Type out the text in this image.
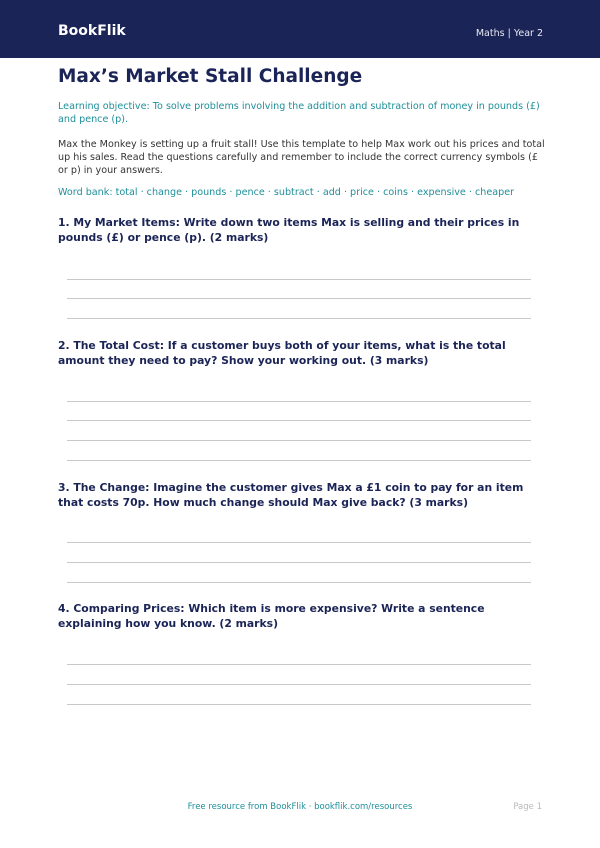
BookFlik	Maths | Year 2
Max’s Market Stall Challenge
Learning objective: To solve problems involving the addition and subtraction of money in pounds (£) and pence (p).
Max the Monkey is setting up a fruit stall! Use this template to help Max work out his prices and total up his sales. Read the questions carefully and remember to include the correct currency symbols (£ or p) in your answers.
Word bank: total · change · pounds · pence · subtract · add · price · coins · expensive · cheaper

1. My Market Items: Write down two items Max is selling and their prices in pounds (£) or pence (p). (2 marks)

2. The Total Cost: If a customer buys both of your items, what is the total amount they need to pay? Show your working out. (3 marks)

3. The Change: Imagine the customer gives Max a £1 coin to pay for an item that costs 70p. How much change should Max give back? (3 marks)

4. Comparing Prices: Which item is more expensive? Write a sentence explaining how you know. (2 marks)

Free resource from BookFlik · bookflik.com/resources	Page 1
